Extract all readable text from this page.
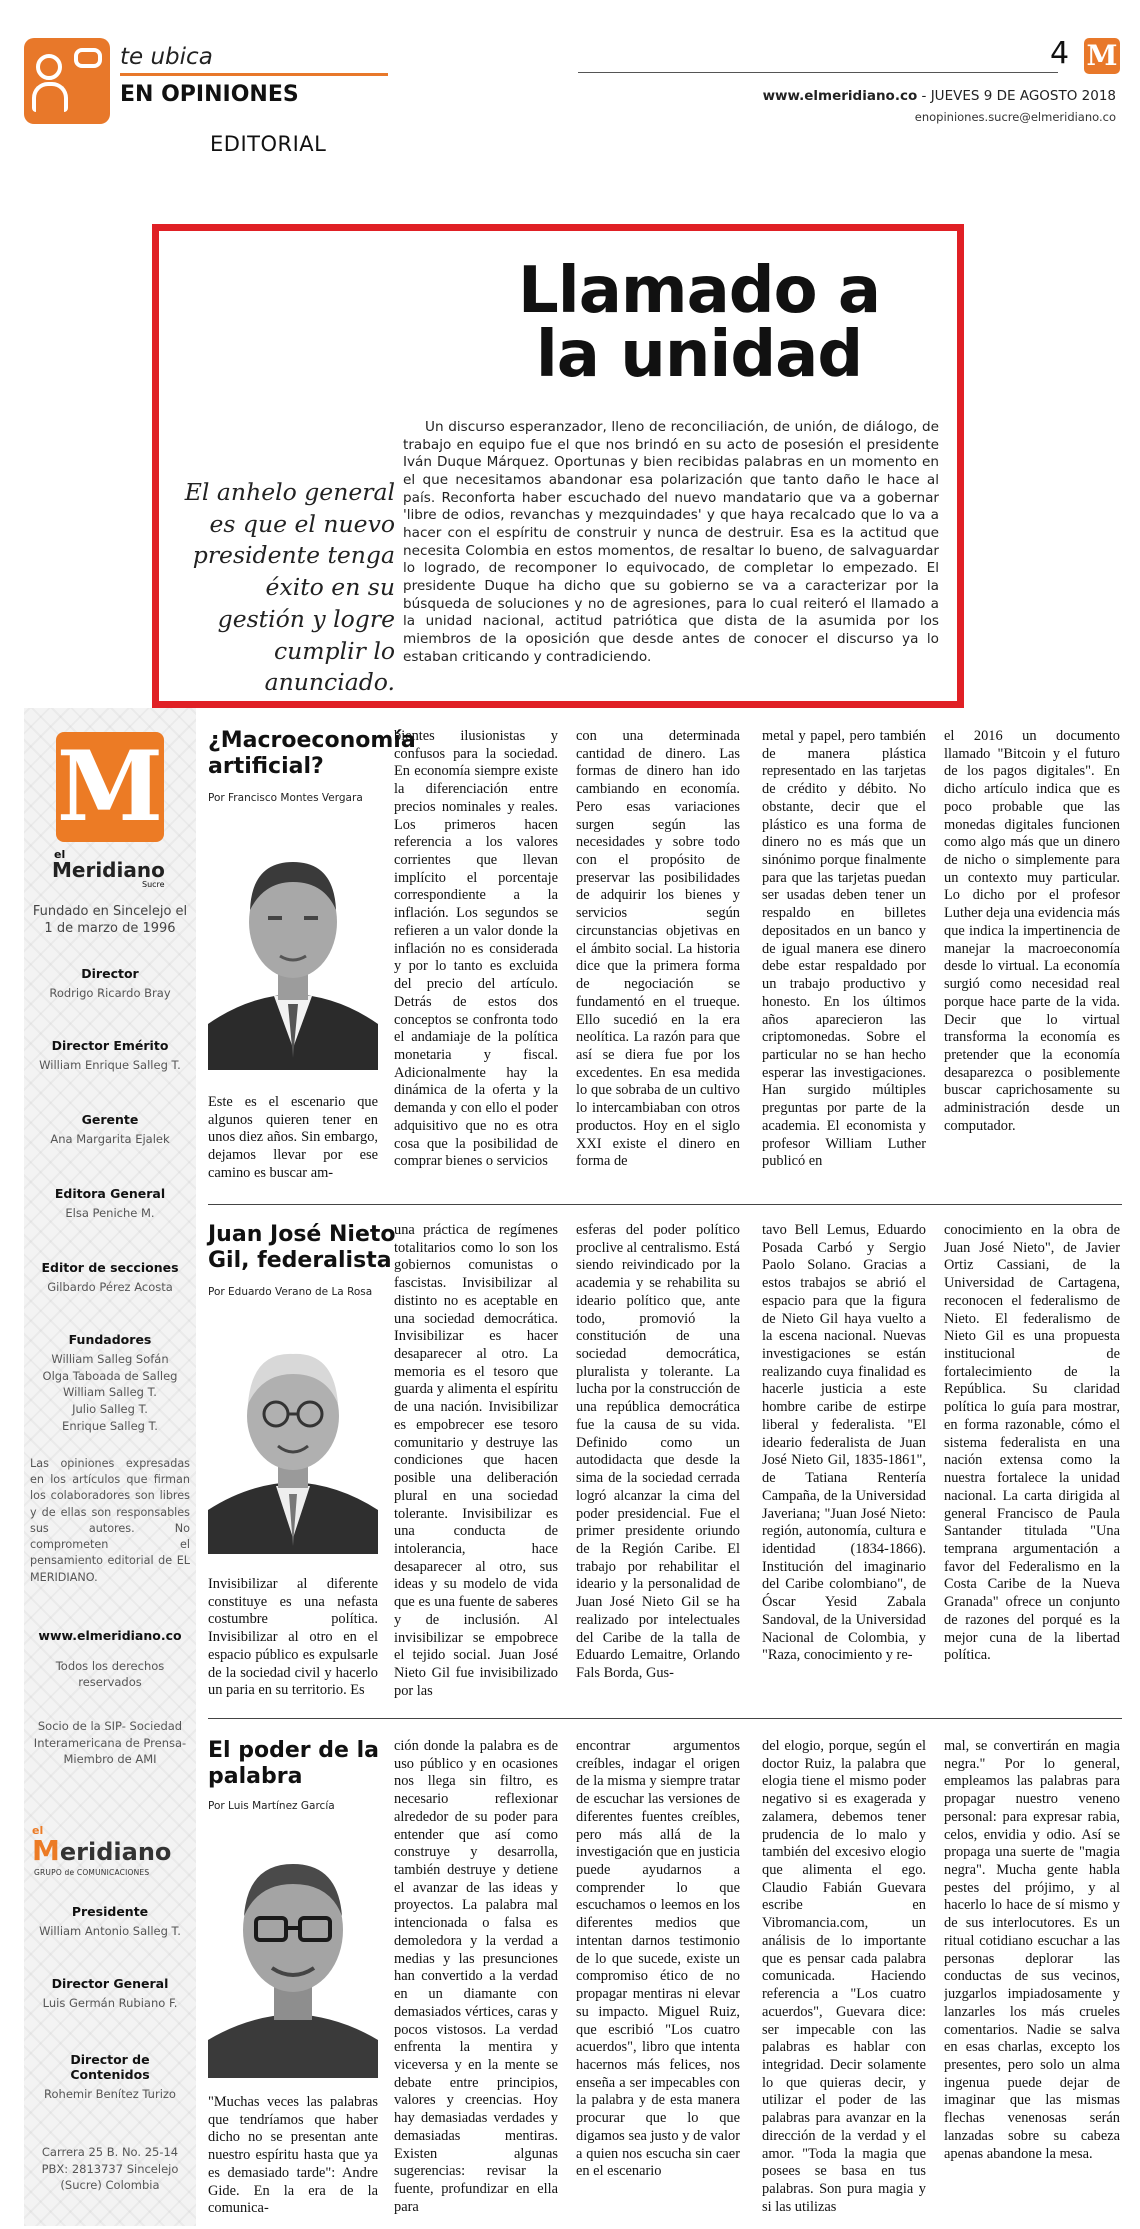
te ubica
EN OPINIONES
EDITORIAL
4 M
www.elmeridiano.co - JUEVES 9 DE AGOSTO 2018
enopiniones.sucre@elmeridiano.co
Llamado a
la unidad
El anhelo general es que el nuevo presidente tenga éxito en su gestión y logre cumplir lo anunciado.
Un discurso esperanzador, lleno de reconciliación, de unión, de diálogo, de trabajo en equipo fue el que nos brindó en su acto de posesión el presidente Iván Duque Márquez. Oportunas y bien recibidas palabras en un momento en el que necesitamos abandonar esa polarización que tanto daño le hace al país. Reconforta haber escuchado del nuevo mandatario que va a gobernar 'libre de odios, revanchas y mezquindades' y que haya recalcado que lo va a hacer con el espíritu de construir y nunca de destruir. Esa es la actitud que necesita Colombia en estos momentos, de resaltar lo bueno, de salvaguardar lo logrado, de recomponer lo equivocado, de completar lo empezado. El presidente Duque ha dicho que su gobierno se va a caracterizar por la búsqueda de soluciones y no de agresiones, para lo cual reiteró el llamado a la unidad nacional, actitud patriótica que dista de la asumida por los miembros de la oposición que desde antes de conocer el discurso ya lo estaban criticando y contradiciendo.
M
el
Meridiano
Sucre
Fundado en Sincelejo el 1 de marzo de 1996
Director
Rodrigo Ricardo Bray
Director Emérito
William Enrique Salleg T.
Gerente
Ana Margarita Ejalek
Editora General
Elsa Peniche M.
Editor de secciones
Gilbardo Pérez Acosta
Fundadores
William Salleg Sofán
Olga Taboada de Salleg
William Salleg T.
Julio Salleg T.
Enrique Salleg T.
Las opiniones expresadas en los artículos que firman los colaboradores son libres y de ellas son responsables sus autores. No comprometen el pensamiento editorial de EL MERIDIANO.
www.elmeridiano.co
Todos los derechos reservados
Socio de la SIP- Sociedad Interamericana de Prensa- Miembro de AMI
el
Meridiano
GRUPO de COMUNICACIONES
Presidente
William Antonio Salleg T.
Director General
Luis Germán Rubiano F.
Director de Contenidos
Rohemir Benítez Turizo
Carrera 25 B. No. 25-14 PBX: 2813737 Sincelejo (Sucre) Colombia
¿Macroeconomía artificial?
Por Francisco Montes Vergara
Este es el escenario que algunos quieren tener en unos diez años. Sin embargo, dejamos llevar por ese camino es buscar am-
bientes ilusionistas y confusos para la sociedad. En economía siempre existe la diferenciación entre precios nominales y reales. Los primeros hacen referencia a los valores corrientes que llevan implícito el porcentaje correspondiente a la inflación. Los segundos se refieren a un valor donde la inflación no es considerada y por lo tanto es excluida del precio del artículo. Detrás de estos dos conceptos se confronta todo el andamiaje de la política monetaria y fiscal. Adicionalmente hay la dinámica de la oferta y la demanda y con ello el poder adquisitivo que no es otra cosa que la posibilidad de comprar bienes o servicios
con una determinada cantidad de dinero. Las formas de dinero han ido cambiando en economía. Pero esas variaciones surgen según las necesidades y sobre todo con el propósito de preservar las posibilidades de adquirir los bienes y servicios según circunstancias objetivas en el ámbito social. La historia dice que la primera forma de negociación se fundamentó en el trueque. Ello sucedió en la era neolítica. La razón para que así se diera fue por los excedentes. En esa medida lo que sobraba de un cultivo lo intercambiaban con otros productos. Hoy en el siglo XXI existe el dinero en forma de
metal y papel, pero también de manera plástica representado en las tarjetas de crédito y débito. No obstante, decir que el plástico es una forma de dinero no es más que un sinónimo porque finalmente para que las tarjetas puedan ser usadas deben tener un respaldo en billetes depositados en un banco y de igual manera ese dinero debe estar respaldado por un trabajo productivo y honesto. En los últimos años aparecieron las criptomonedas. Sobre el particular no se han hecho esperar las investigaciones. Han surgido múltiples preguntas por parte de la academia. El economista y profesor William Luther publicó en
el 2016 un documento llamado "Bitcoin y el futuro de los pagos digitales". En dicho artículo indica que es poco probable que las monedas digitales funcionen como algo más que un dinero de nicho o simplemente para un contexto muy particular. Lo dicho por el profesor Luther deja una evidencia más que indica la impertinencia de manejar la macroeconomía desde lo virtual. La economía surgió como necesidad real porque hace parte de la vida. Decir que lo virtual transforma la economía es pretender que la economía desaparezca o posiblemente buscar caprichosamente su administración desde un computador.
Juan José Nieto Gil, federalista
Por Eduardo Verano de La Rosa
Invisibilizar al diferente constituye es una nefasta costumbre política. Invisibilizar al otro en el espacio público es expulsarle de la sociedad civil y hacerlo un paria en su territorio. Es
una práctica de regímenes totalitarios como lo son los gobiernos comunistas o fascistas. Invisibilizar al distinto no es aceptable en una sociedad democrática. Invisibilizar es hacer desaparecer al otro. La memoria es el tesoro que guarda y alimenta el espíritu de una nación. Invisibilizar es empobrecer ese tesoro comunitario y destruye las condiciones que hacen posible una deliberación plural en una sociedad tolerante. Invisibilizar es una conducta de intolerancia, hace desaparecer al otro, sus ideas y su modelo de vida que es una fuente de saberes y de inclusión. Al invisibilizar se empobrece el tejido social. Juan José Nieto Gil fue invisibilizado por las
esferas del poder político proclive al centralismo. Está siendo reivindicado por la academia y se rehabilita su ideario político que, ante todo, promovió la constitución de una sociedad democrática, pluralista y tolerante. La lucha por la construcción de una república democrática fue la causa de su vida. Definido como un autodidacta que desde la sima de la sociedad cerrada logró alcanzar la cima del poder presidencial. Fue el primer presidente oriundo de la Región Caribe. El trabajo por rehabilitar el ideario y la personalidad de Juan José Nieto Gil se ha realizado por intelectuales del Caribe de la talla de Eduardo Lemaitre, Orlando Fals Borda, Gus-
tavo Bell Lemus, Eduardo Posada Carbó y Sergio Paolo Solano. Gracias a estos trabajos se abrió el espacio para que la figura de Nieto Gil haya vuelto a la escena nacional. Nuevas investigaciones se están realizando cuya finalidad es hacerle justicia a este hombre caribe de estirpe liberal y federalista. "El ideario federalista de Juan José Nieto Gil, 1835-1861", de Tatiana Rentería Campaña, de la Universidad Javeriana; "Juan José Nieto: región, autonomía, cultura e identidad (1834-1866). Institución del imaginario del Caribe colombiano", de Óscar Yesid Zabala Sandoval, de la Universidad Nacional de Colombia, y "Raza, conocimiento y re-
conocimiento en la obra de Juan José Nieto", de Javier Ortiz Cassiani, de la Universidad de Cartagena, reconocen el federalismo de Nieto. El federalismo de Nieto Gil es una propuesta institucional de fortalecimiento de la República. Su claridad política lo guía para mostrar, en forma razonable, cómo el sistema federalista en una nación extensa como la nuestra fortalece la unidad nacional. La carta dirigida al general Francisco de Paula Santander titulada "Una temprana argumentación a favor del Federalismo en la Costa Caribe de la Nueva Granada" ofrece un conjunto de razones del porqué es la mejor cuna de la libertad política.
El poder de la palabra
Por Luis Martínez García
"Muchas veces las palabras que tendríamos que haber dicho no se presentan ante nuestro espíritu hasta que ya es demasiado tarde": Andre Gide. En la era de la comunica-
ción donde la palabra es de uso público y en ocasiones nos llega sin filtro, es necesario reflexionar alrededor de su poder para entender que así como construye y desarrolla, también destruye y detiene el avanzar de las ideas y proyectos. La palabra mal intencionada o falsa es demoledora y la verdad a medias y las presunciones han convertido a la verdad en un diamante con demasiados vértices, caras y pocos vistosos. La verdad enfrenta la mentira y viceversa y en la mente se debate entre principios, valores y creencias. Hoy hay demasiadas verdades y demasiadas mentiras. Existen algunas sugerencias: revisar la fuente, profundizar en ella para
encontrar argumentos creíbles, indagar el origen de la misma y siempre tratar de escuchar las versiones de diferentes fuentes creíbles, pero más allá de la investigación que en justicia puede ayudarnos a comprender lo que escuchamos o leemos en los diferentes medios que intentan darnos testimonio de lo que sucede, existe un compromiso ético de no propagar mentiras ni elevar su impacto. Miguel Ruiz, que escribió "Los cuatro acuerdos", libro que intenta hacernos más felices, nos enseña a ser impecables con la palabra y de esta manera procurar que lo que digamos sea justo y de valor a quien nos escucha sin caer en el escenario
del elogio, porque, según el doctor Ruiz, la palabra que elogia tiene el mismo poder negativo si es exagerada y zalamera, debemos tener prudencia de lo malo y también del excesivo elogio que alimenta el ego. Claudio Fabián Guevara escribe en Vibromancia.com, un análisis de lo importante que es pensar cada palabra comunicada. Haciendo referencia a "Los cuatro acuerdos", Guevara dice: ser impecable con las palabras es hablar con integridad. Decir solamente lo que quieras decir, y utilizar el poder de las palabras para avanzar en la dirección de la verdad y el amor. "Toda la magia que posees se basa en tus palabras. Son pura magia y si las utilizas
mal, se convertirán en magia negra." Por lo general, empleamos las palabras para propagar nuestro veneno personal: para expresar rabia, celos, envidia y odio. Así se propaga una suerte de "magia negra". Mucha gente habla pestes del prójimo, y al hacerlo lo hace de sí mismo y de sus interlocutores. Es un ritual cotidiano escuchar a las personas deplorar las conductas de sus vecinos, juzgarlos impiadosamente y lanzarles los más crueles comentarios. Nadie se salva en esas charlas, excepto los presentes, pero solo un alma ingenua puede dejar de imaginar que las mismas flechas venenosas serán lanzadas sobre su cabeza apenas abandone la mesa.
